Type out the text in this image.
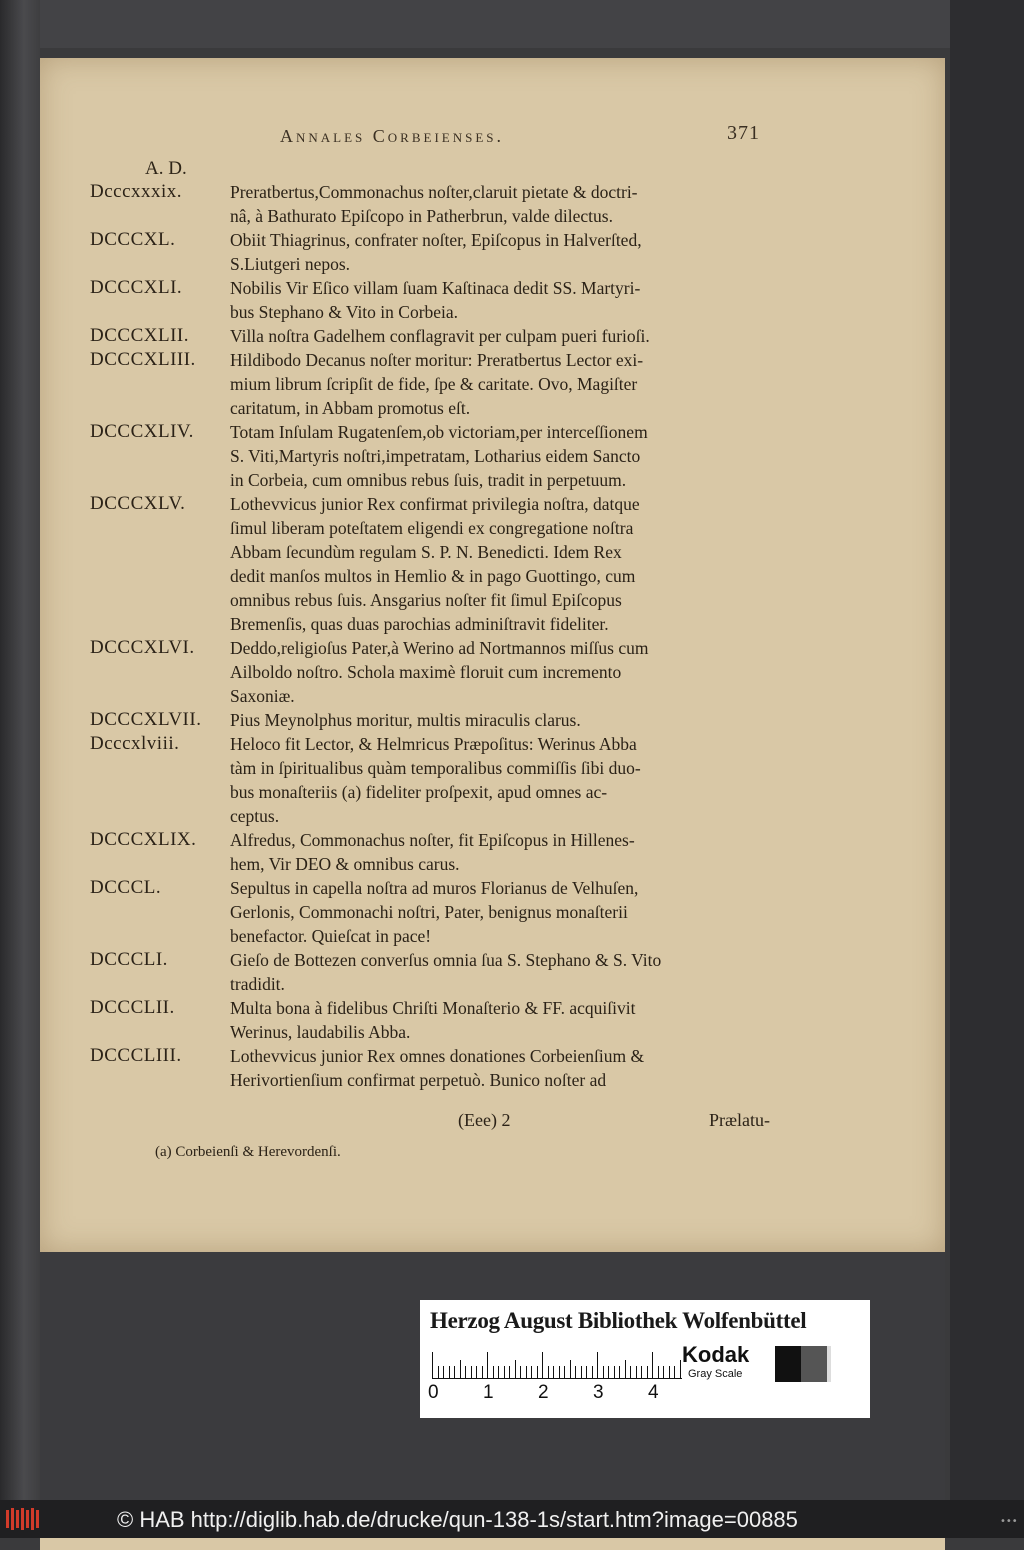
Annales Corbeienses.	371
A. D.
Dcccxxxix.	Preratbertus,Commonachus noſter,claruit pietate & doctri-
nâ, à Bathurato Epiſcopo in Patherbrun, valde dilectus.
DCCCXL.	Obiit Thiagrinus, confrater noſter, Epiſcopus in Halverſted,
S.Liutgeri nepos.
DCCCXLI.	Nobilis Vir Eſico villam ſuam Kaſtinaca dedit SS. Martyri-
bus Stephano & Vito in Corbeia.
DCCCXLII.	Villa noſtra Gadelhem conflagravit per culpam pueri furioſi.
DCCCXLIII.	Hildibodo Decanus noſter moritur: Preratbertus Lector exi-
mium librum ſcripſit de fide, ſpe & caritate. Ovo, Magiſter
caritatum, in Abbam promotus eſt.
DCCCXLIV.	Totam Inſulam Rugatenſem,ob victoriam,per interceſſionem
S. Viti,Martyris noſtri,impetratam, Lotharius eidem Sancto
in Corbeia, cum omnibus rebus ſuis, tradit in perpetuum.
DCCCXLV.	Lothevvicus junior Rex confirmat privilegia noſtra, datque
ſimul liberam poteſtatem eligendi ex congregatione noſtra
Abbam ſecundùm regulam S. P. N. Benedicti. Idem Rex
dedit manſos multos in Hemlio & in pago Guottingo, cum
omnibus rebus ſuis. Ansgarius noſter fit ſimul Epiſcopus
Bremenſis, quas duas parochias adminiſtravit fideliter.
DCCCXLVI.	Deddo,religioſus Pater,à Werino ad Nortmannos miſſus cum
Ailboldo noſtro. Schola maximè floruit cum incremento
Saxoniæ.
DCCCXLVII.	Pius Meynolphus moritur, multis miraculis clarus.
Dcccxlviii.	Heloco fit Lector, & Helmricus Præpoſitus: Werinus Abba
tàm in ſpiritualibus quàm temporalibus commiſſis ſibi duo-
bus monaſteriis (a) fideliter proſpexit, apud omnes ac-
ceptus.
DCCCXLIX.	Alfredus, Commonachus noſter, fit Epiſcopus in Hillenes-
hem, Vir DEO & omnibus carus.
DCCCL.	Sepultus in capella noſtra ad muros Florianus de Velhuſen,
Gerlonis, Commonachi noſtri, Pater, benignus monaſterii
benefactor. Quieſcat in pace!
DCCCLI.	Gieſo de Bottezen converſus omnia ſua S. Stephano & S. Vito
tradidit.
DCCCLII.	Multa bona à fidelibus Chriſti Monaſterio & FF. acquiſivit
Werinus, laudabilis Abba.
DCCCLIII.	Lothevvicus junior Rex omnes donationes Corbeienſium &
Herivortienſium confirmat perpetuò. Bunico noſter ad
(Eee) 2	Prælatu-
(a) Corbeienſi & Herevordenſi.
Herzog August Bibliothek Wolfenbüttel
0 1 2 3 4
Kodak
Gray Scale
© HAB http://diglib.hab.de/drucke/qun-138-1s/start.htm?image=00885	•••
